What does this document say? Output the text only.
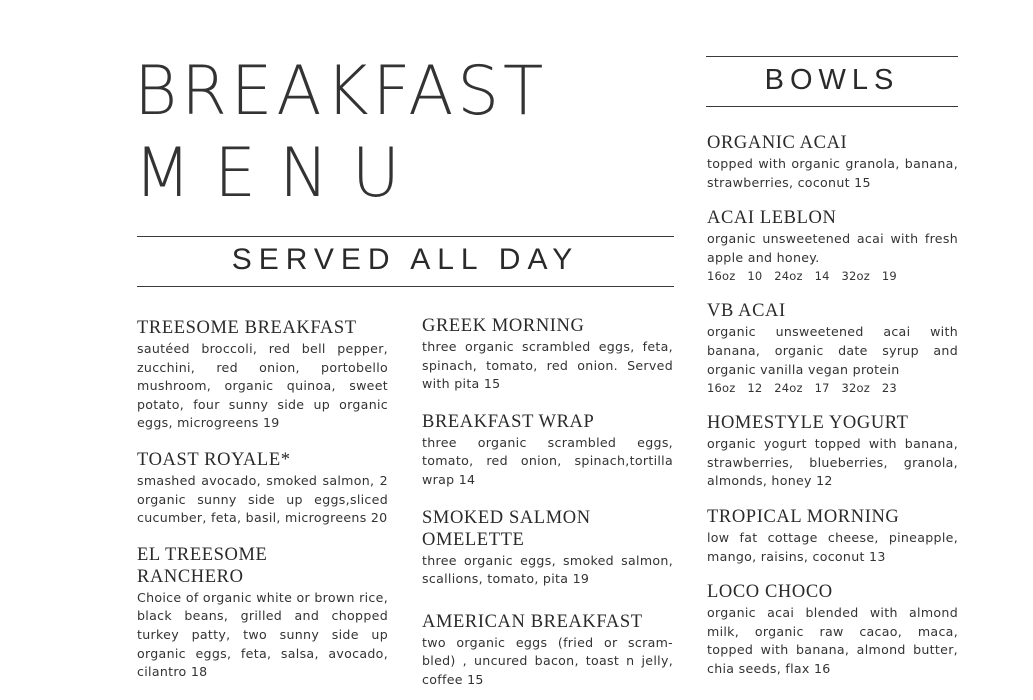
BREAKFAST
MENU
SERVED ALL DAY
BOWLS

TREESOME BREAKFAST

sautéed broccoli, red bell pepper, zucchini, red onion, portobello mushroom, organic quinoa, sweet potato, four sunny side up organic eggs, microgreens 19

TOAST ROYALE*

smashed avocado, smoked salmon, 2 organic sunny side up eggs,sliced cucumber, feta, basil, microgreens 20

EL TREESOME RANCHERO

Choice of organic white or brown rice, black beans, grilled and chopped turkey patty, two sunny side up organic eggs, feta, salsa, avocado, cilantro 18

GREEK MORNING

three organic scrambled eggs, feta, spinach, tomato, red onion. Served with pita 15

BREAKFAST WRAP

three organic scrambled eggs, tomato, red onion, spinach,tortilla wrap 14

SMOKED SALMON OMELETTE

three organic eggs, smoked salmon, scallions, tomato, pita 19

AMERICAN BREAKFAST

two organic eggs (fried or scram-bled) , uncured bacon, toast n jelly, coffee 15

ORGANIC ACAI

topped with organic granola, banana, strawberries, coconut 15

ACAI LEBLON

organic unsweetened acai with fresh apple and honey.

16oz 10 24oz 14 32oz 19

VB ACAI

organic unsweetened acai with banana, organic date syrup and organic vanilla vegan protein

16oz 12 24oz 17 32oz 23

HOMESTYLE YOGURT

organic yogurt topped with banana, strawberries, blueberries, granola, almonds, honey 12

TROPICAL MORNING

low fat cottage cheese, pineapple, mango, raisins, coconut 13

LOCO CHOCO

organic acai blended with almond milk, organic raw cacao, maca, topped with banana, almond butter, chia seeds, flax 16
